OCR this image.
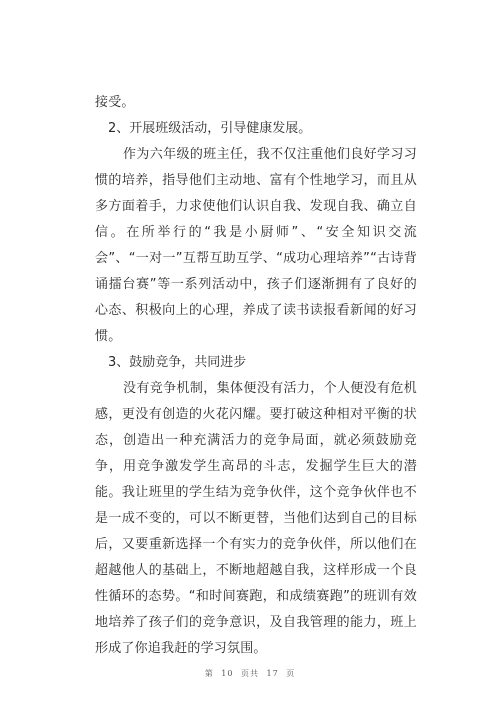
接受。

2、开展班级活动，引导健康发展。

作为六年级的班主任，我不仅注重他们良好学习习惯的培养，指导他们主动地、富有个性地学习，而且从多方面着手，力求使他们认识自我、发现自我、确立自信。在所举行的“我是小厨师”、“安全知识交流会”、“一对一”互帮互助互学、“成功心理培养”“古诗背诵擂台赛”等一系列活动中，孩子们逐渐拥有了良好的心态、积极向上的心理，养成了读书读报看新闻的好习惯。

3、鼓励竞争，共同进步

没有竞争机制，集体便没有活力，个人便没有危机感，更没有创造的火花闪耀。要打破这种相对平衡的状态，创造出一种充满活力的竞争局面，就必须鼓励竞争，用竞争激发学生高昂的斗志，发掘学生巨大的潜能。我让班里的学生结为竞争伙伴，这个竞争伙伴也不是一成不变的，可以不断更替，当他们达到自己的目标后，又要重新选择一个有实力的竞争伙伴，所以他们在超越他人的基础上，不断地超越自我，这样形成一个良性循环的态势。“和时间赛跑，和成绩赛跑”的班训有效地培养了孩子们的竞争意识，及自我管理的能力，班上形成了你追我赶的学习氛围。

第 10 页共 17 页
